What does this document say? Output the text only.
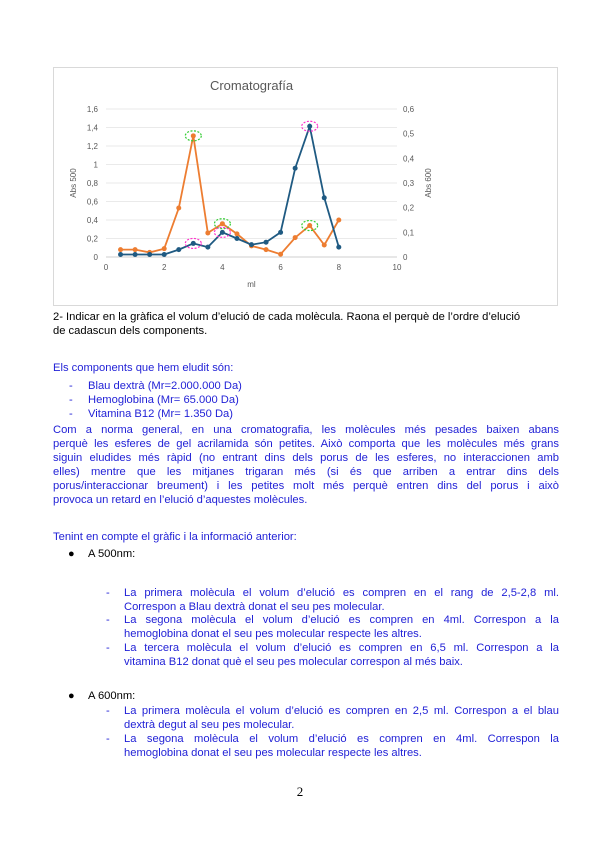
Cromatografía
0
0,2
0,4
0,6
0,8
1
1,2
1,4
1,6
0
0,1
0,2
0,3
0,4
0,5
0,6
0	2	4	6	8	10
ml
Abs 500	Abs 600
2- Indicar en la gràfica el volum d’elució de cada molècula. Raona el perquè de l’ordre d’elució
de cadascun dels components.
Els components que hem eludit són:
- Blau dextrà (Mr=2.000.000 Da)
- Hemoglobina (Mr= 65.000 Da)
- Vitamina B12 (Mr= 1.350 Da)
Com a norma general, en una cromatografia, les molècules més pesades baixen abans
perquè les esferes de gel acrilamida són petites. Això comporta que les molècules més grans
siguin eludides més ràpid (no entrant dins dels porus de les esferes, no interaccionen amb
elles) mentre que les mitjanes trigaran més (si és que arriben a entrar dins dels
porus/interaccionar breument) i les petites molt més perquè entren dins del porus i això
provoca un retard en l’elució d’aquestes molècules.
Tenint en compte el gràfic i la informació anterior:
● A 500nm:
- La primera molècula el volum d’elució es compren en el rang de 2,5-2,8 ml.
Correspon a Blau dextrà donat el seu pes molecular.
- La segona molècula el volum d’elució es compren en 4ml. Correspon a la
hemoglobina donat el seu pes molecular respecte les altres.
- La tercera molècula el volum d’elució es compren en 6,5 ml. Correspon a la
vitamina B12 donat què el seu pes molecular correspon al més baix.
● A 600nm:
- La primera molècula el volum d’elució es compren en 2,5 ml. Correspon a el blau
dextrà degut al seu pes molecular.
- La segona molècula el volum d’elució es compren en 4ml. Correspon la
hemoglobina donat el seu pes molecular respecte les altres.
2
